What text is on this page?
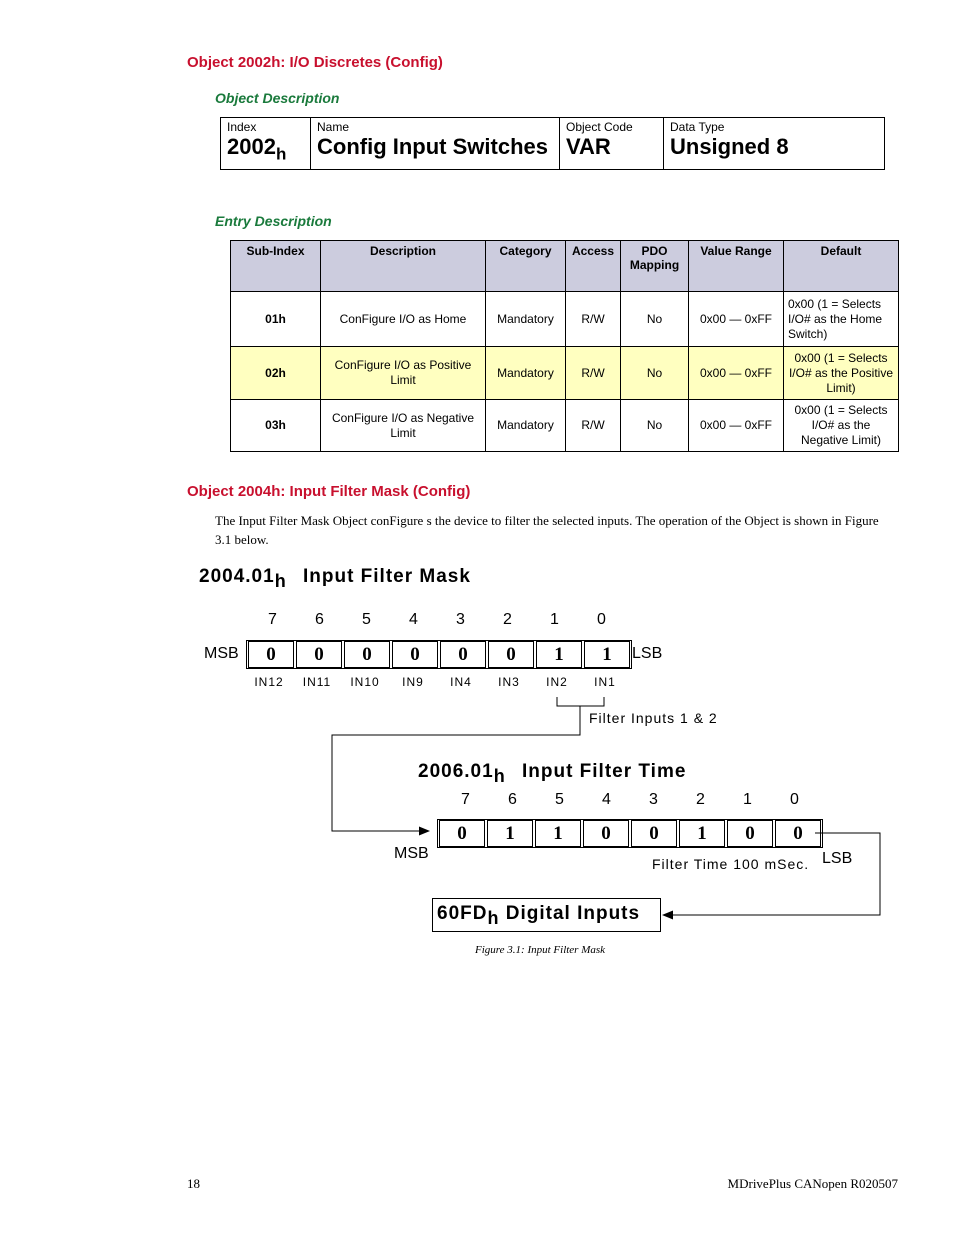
Object 2002h: I/O Discretes (Config)
Object Description
Index
$2002_h$

Name
Config Input Switches

Object Code
VAR

Data Type
Unsigned 8
Entry Description
Sub-Index	Description	Category	Access	PDO Mapping	Value Range	Default
01h	ConFigure I/O as Home	Mandatory	R/W	No	0x00 — 0xFF	0x00 (1 = Selects I/O# as the Home Switch)
02h	ConFigure I/O as Positive Limit	Mandatory	R/W	No	0x00 — 0xFF	0x00 (1 = Selects I/O# as the Positive Limit)
03h	ConFigure I/O as Negative Limit	Mandatory	R/W	No	0x00 — 0xFF	0x00 (1 = Selects I/O# as the Negative Limit)
Object 2004h: Input Filter Mask (Config)
The Input Filter Mask Object conFigure s the device to filter the selected inputs. The operation of the Object is shown in Figure 3.1 below.
$2004.01_h$ Input Filter Mask
7	6	5	4	3	2	1	0
MSB	0	0	0	0	0	0	1	1	LSB
IN12	IN11	IN10	IN9	IN4	IN3	IN2	IN1
Filter Inputs 1 & 2
$2006.01_h$ Input Filter Time
7	6	5	4	3	2	1	0
0	1	1	0	0	1	0	0
MSB
Filter Time 100 mSec. LSB
$60FD_h$ Digital Inputs
Figure 3.1: Input Filter Mask
18	MDrivePlus CANopen R020507
